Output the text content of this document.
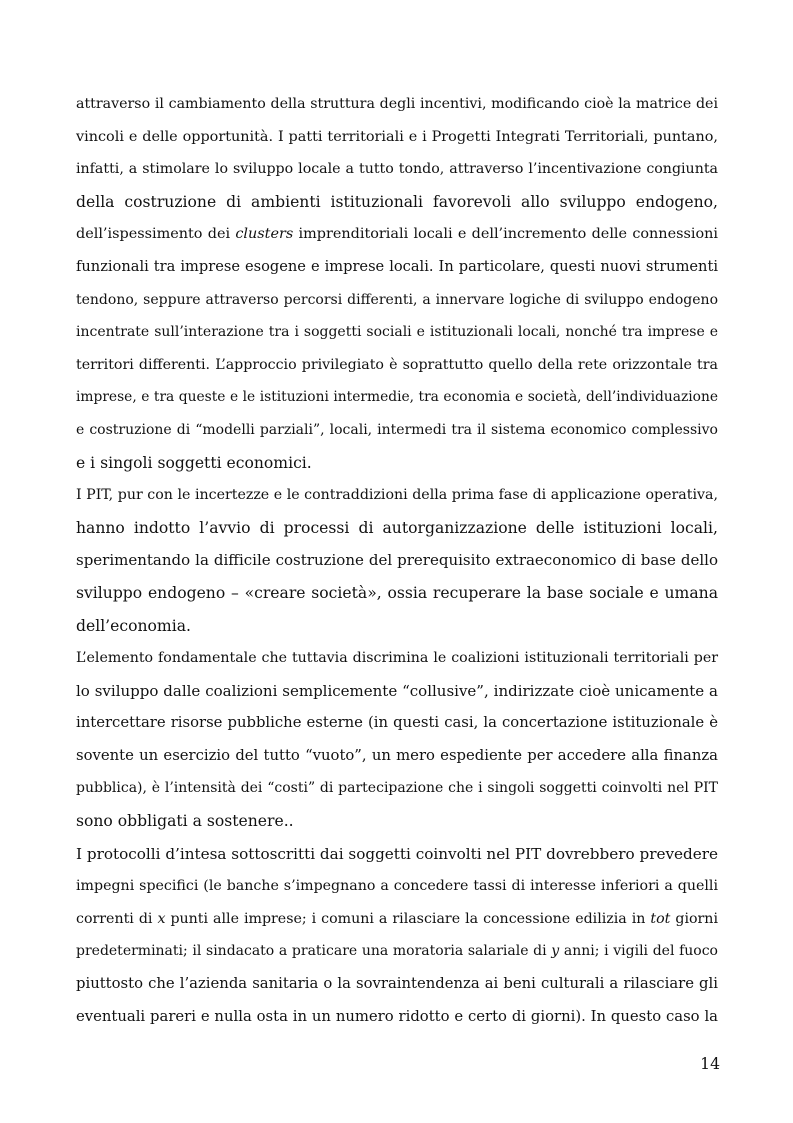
attraverso il cambiamento della struttura degli incentivi, modificando cioè la matrice dei
vincoli e delle opportunità. I patti territoriali e i Progetti Integrati Territoriali, puntano,
infatti, a stimolare lo sviluppo locale a tutto tondo, attraverso l’incentivazione congiunta
della costruzione di ambienti istituzionali favorevoli allo sviluppo endogeno,
dell’ispessimento dei clusters imprenditoriali locali e dell’incremento delle connessioni
funzionali tra imprese esogene e imprese locali. In particolare, questi nuovi strumenti
tendono, seppure attraverso percorsi differenti, a innervare logiche di sviluppo endogeno
incentrate sull’interazione tra i soggetti sociali e istituzionali locali, nonché tra imprese e
territori differenti. L’approccio privilegiato è soprattutto quello della rete orizzontale tra
imprese, e tra queste e le istituzioni intermedie, tra economia e società, dell’individuazione
e costruzione di “modelli parziali”, locali, intermedi tra il sistema economico complessivo
e i singoli soggetti economici.
I PIT, pur con le incertezze e le contraddizioni della prima fase di applicazione operativa,
hanno indotto l’avvio di processi di autorganizzazione delle istituzioni locali,
sperimentando la difficile costruzione del prerequisito extraeconomico di base dello
sviluppo endogeno – «creare società», ossia recuperare la base sociale e umana
dell’economia.
L’elemento fondamentale che tuttavia discrimina le coalizioni istituzionali territoriali per
lo sviluppo dalle coalizioni semplicemente “collusive”, indirizzate cioè unicamente a
intercettare risorse pubbliche esterne (in questi casi, la concertazione istituzionale è
sovente un esercizio del tutto “vuoto”, un mero espediente per accedere alla finanza
pubblica), è l’intensità dei “costi” di partecipazione che i singoli soggetti coinvolti nel PIT
sono obbligati a sostenere..
I protocolli d’intesa sottoscritti dai soggetti coinvolti nel PIT dovrebbero prevedere
impegni specifici (le banche s’impegnano a concedere tassi di interesse inferiori a quelli
correnti di x punti alle imprese; i comuni a rilasciare la concessione edilizia in tot giorni
predeterminati; il sindacato a praticare una moratoria salariale di y anni; i vigili del fuoco
piuttosto che l’azienda sanitaria o la sovraintendenza ai beni culturali a rilasciare gli
eventuali pareri e nulla osta in un numero ridotto e certo di giorni). In questo caso la
14
